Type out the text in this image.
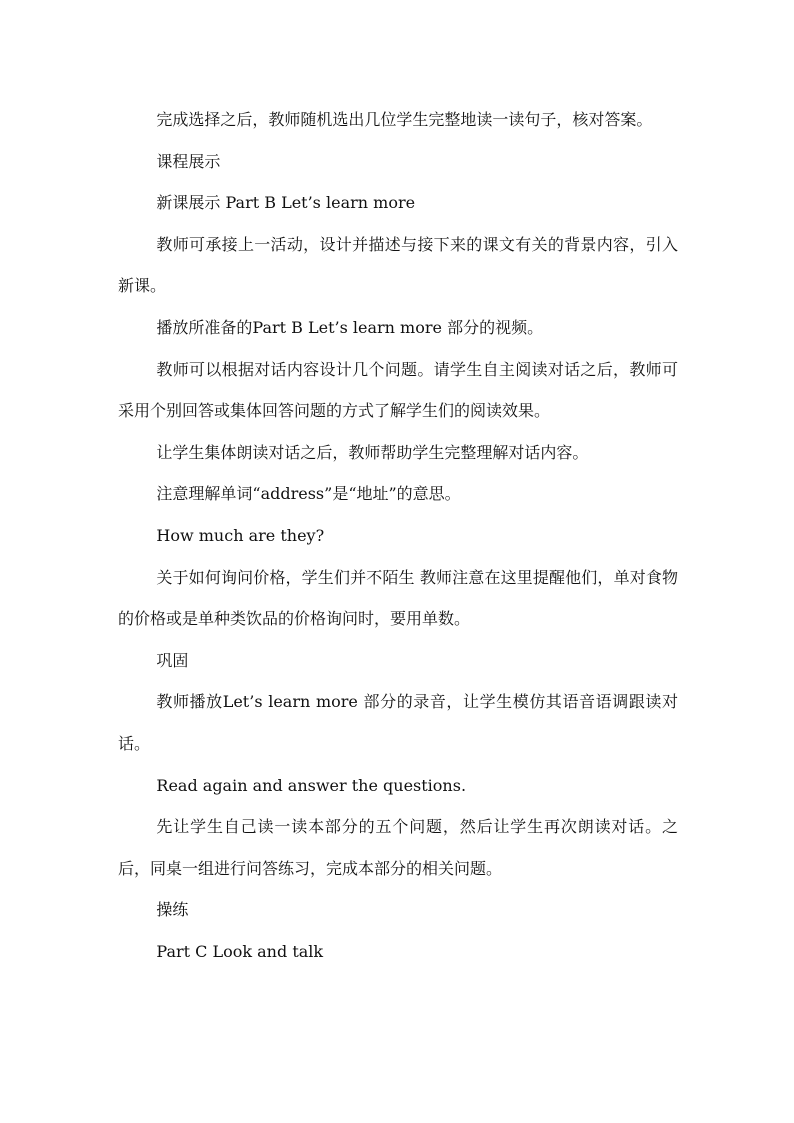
完成选择之后，教师随机选出几位学生完整地读一读句子，核对答案。

课程展示

新课展示 Part B Let’s learn more

教师可承接上一活动，设计并描述与接下来的课文有关的背景内容，引入新课。

播放所准备的Part B Let’s learn more 部分的视频。

教师可以根据对话内容设计几个问题。请学生自主阅读对话之后，教师可采用个别回答或集体回答问题的方式了解学生们的阅读效果。

让学生集体朗读对话之后，教师帮助学生完整理解对话内容。

注意理解单词“address”是“地址”的意思。

How much are they?

关于如何询问价格，学生们并不陌生 教师注意在这里提醒他们，单对食物的价格或是单种类饮品的价格询问时，要用单数。

巩固

教师播放Let’s learn more 部分的录音，让学生模仿其语音语调跟读对话。

Read again and answer the questions.

先让学生自己读一读本部分的五个问题，然后让学生再次朗读对话。之后，同桌一组进行问答练习，完成本部分的相关问题。

操练

Part C Look and talk
